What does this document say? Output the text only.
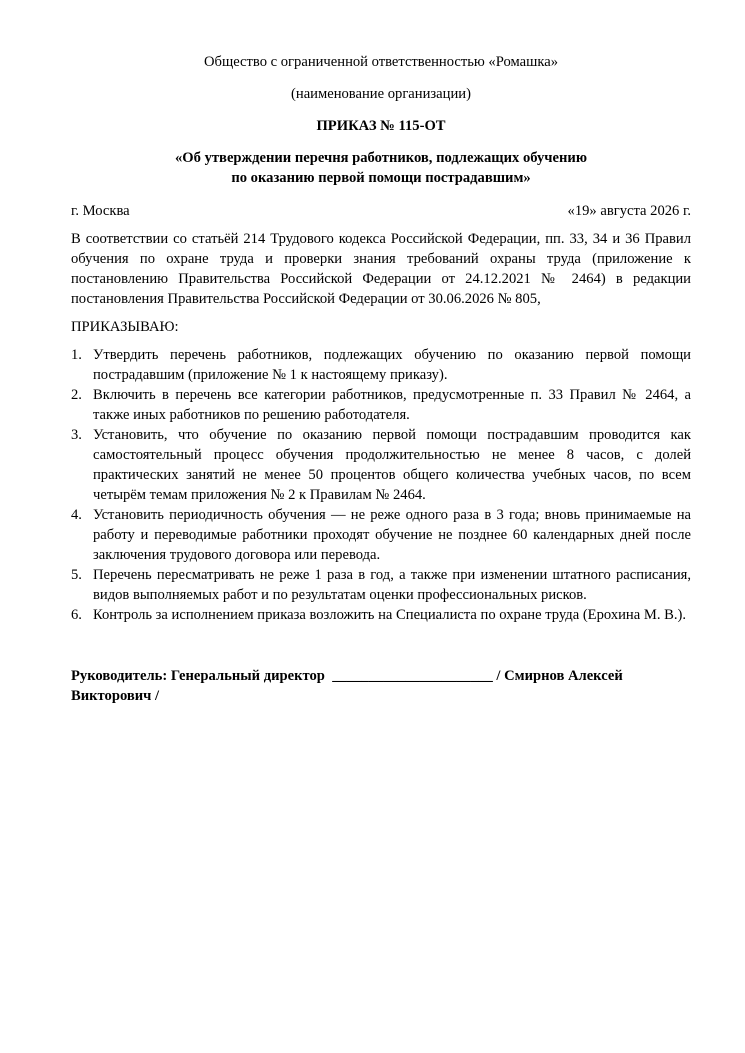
Общество с ограниченной ответственностью «Ромашка»

(наименование организации)

ПРИКАЗ № 115-ОТ

«Об утверждении перечня работников, подлежащих обучению
по оказанию первой помощи пострадавшим»

г. Москва	«19» августа 2026 г.

В соответствии со статьёй 214 Трудового кодекса Российской Федерации, пп. 33, 34 и 36 Правил обучения по охране труда и проверки знания требований охраны труда (приложение к постановлению Правительства Российской Федерации от 24.12.2021 № 2464) в редакции постановления Правительства Российской Федерации от 30.06.2026 № 805,

ПРИКАЗЫВАЮ:

1. Утвердить перечень работников, подлежащих обучению по оказанию первой помощи пострадавшим (приложение № 1 к настоящему приказу).
2. Включить в перечень все категории работников, предусмотренные п. 33 Правил № 2464, а также иных работников по решению работодателя.
3. Установить, что обучение по оказанию первой помощи пострадавшим проводится как самостоятельный процесс обучения продолжительностью не менее 8 часов, с долей практических занятий не менее 50 процентов общего количества учебных часов, по всем четырём темам приложения № 2 к Правилам № 2464.
4. Установить периодичность обучения — не реже одного раза в 3 года; вновь принимаемые на работу и переводимые работники проходят обучение не позднее 60 календарных дней после заключения трудового договора или перевода.
5. Перечень пересматривать не реже 1 раза в год, а также при изменении штатного расписания, видов выполняемых работ и по результатам оценки профессиональных рисков.
6. Контроль за исполнением приказа возложить на Специалиста по охране труда (Ерохина М. В.).

Руководитель: Генеральный директор ______________________ / Смирнов Алексей Викторович /
